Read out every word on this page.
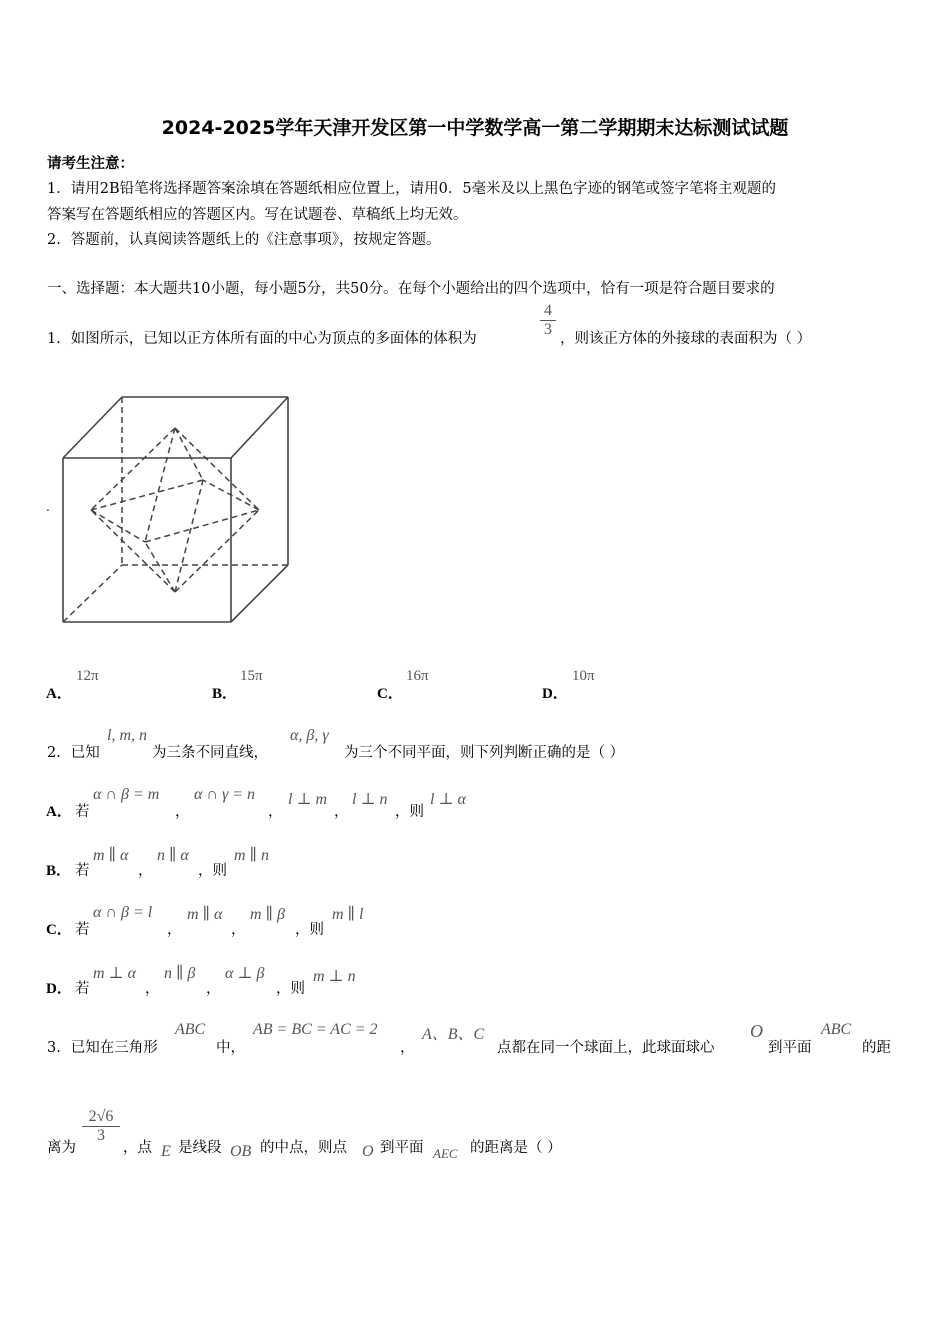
2024-2025学年天津开发区第一中学数学高一第二学期期末达标测试试题
请考生注意：
1．请用2B铅笔将选择题答案涂填在答题纸相应位置上，请用0．5毫米及以上黑色字迹的钢笔或签字笔将主观题的
答案写在答题纸相应的答题区内。写在试题卷、草稿纸上均无效。
2．答题前，认真阅读答题纸上的《注意事项》，按规定答题。
一、选择题：本大题共10小题，每小题5分，共50分。在每个小题给出的四个选项中，恰有一项是符合题目要求的
1．如图所示，已知以正方体所有面的中心为顶点的多面体的体积为	$\frac{4}{3}$ ，则该正方体的外接球的表面积为（ ）
.
A．
12π
B．
15π
C．
16π
D．
10π
2．已知
l, m, n
为三条不同直线，
α, β, γ
为三个不同平面，则下列判断正确的是（ ）
A． 若
α ∩ β = m
，
α ∩ γ = n
，
l ⊥ m
，
l ⊥ n
，则
l ⊥ α
B． 若
m ∥ α
，
n ∥ α
，则
m ∥ n
C． 若
α ∩ β = l
，
m ∥ α
，
m ∥ β
，则
m ∥ l
D． 若
m ⊥ α
，
n ∥ β
，
α ⊥ β
，则
m ⊥ n
3．已知在三角形
ABC
中，
AB = BC = AC = 2
，
A、B、C
点都在同一个球面上，此球面球心
O
到平面
ABC
的距
离为
$\frac{2√6}{3}$
，点 E 是线段 OB 的中点，则点 O 到平面 AEC 的距离是（ ）
